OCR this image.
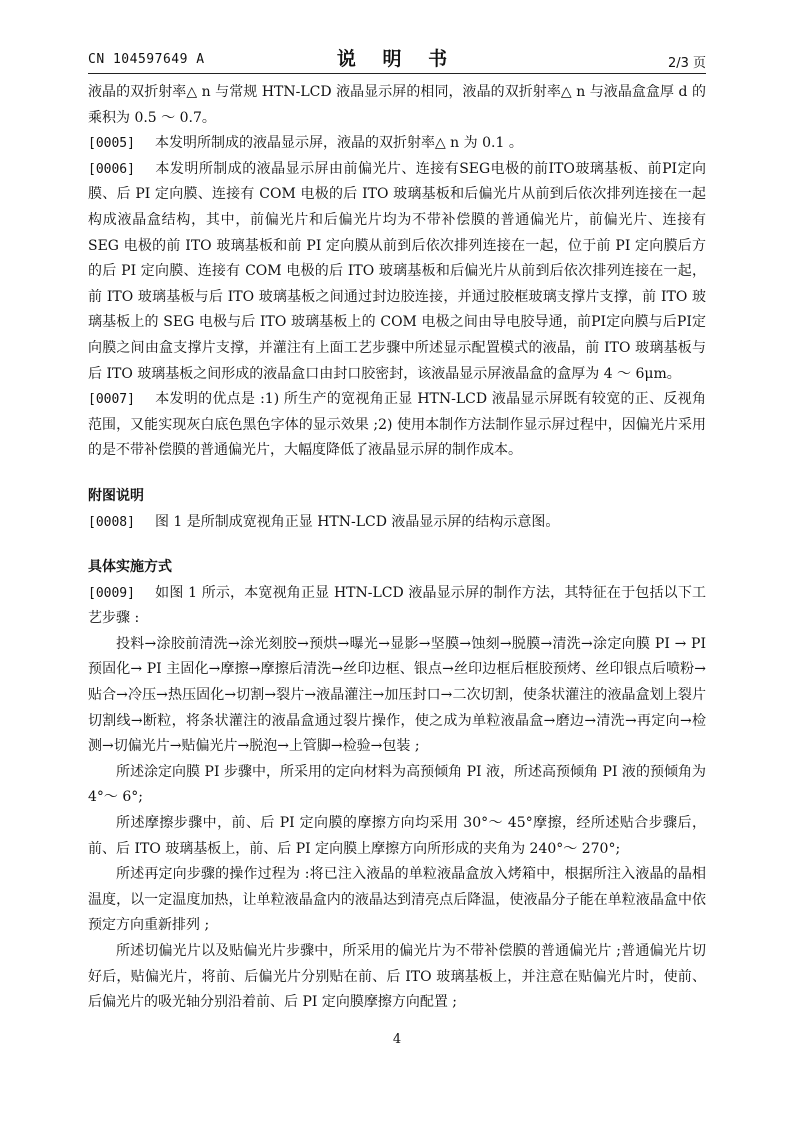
CN 104597649 A	说 明 书	2/3 页

液晶的双折射率△ n 与常规 HTN-LCD 液晶显示屏的相同，液晶的双折射率△ n 与液晶盒盒厚 d 的乘积为 0.5 ～ 0.7。

[0005] 本发明所制成的液晶显示屏，液晶的双折射率△ n 为 0.1 。

[0006] 本发明所制成的液晶显示屏由前偏光片、连接有SEG电极的前ITO玻璃基板、前PI定向膜、后 PI 定向膜、连接有 COM 电极的后 ITO 玻璃基板和后偏光片从前到后依次排列连接在一起构成液晶盒结构，其中，前偏光片和后偏光片均为不带补偿膜的普通偏光片，前偏光片、连接有 SEG 电极的前 ITO 玻璃基板和前 PI 定向膜从前到后依次排列连接在一起，位于前 PI 定向膜后方的后 PI 定向膜、连接有 COM 电极的后 ITO 玻璃基板和后偏光片从前到后依次排列连接在一起，前 ITO 玻璃基板与后 ITO 玻璃基板之间通过封边胶连接，并通过胶框玻璃支撑片支撑，前 ITO 玻璃基板上的 SEG 电极与后 ITO 玻璃基板上的 COM 电极之间由导电胶导通，前PI定向膜与后PI定向膜之间由盒支撑片支撑，并灌注有上面工艺步骤中所述显示配置模式的液晶，前 ITO 玻璃基板与后 ITO 玻璃基板之间形成的液晶盒口由封口胶密封，该液晶显示屏液晶盒的盒厚为 4 ～ 6μm。

[0007] 本发明的优点是 :1) 所生产的宽视角正显 HTN-LCD 液晶显示屏既有较宽的正、反视角范围，又能实现灰白底色黑色字体的显示效果 ;2) 使用本制作方法制作显示屏过程中，因偏光片采用的是不带补偿膜的普通偏光片，大幅度降低了液晶显示屏的制作成本。

附图说明

[0008] 图 1 是所制成宽视角正显 HTN-LCD 液晶显示屏的结构示意图。

具体实施方式

[0009] 如图 1 所示，本宽视角正显 HTN-LCD 液晶显示屏的制作方法，其特征在于包括以下工艺步骤 :

投料→涂胶前清洗→涂光刻胶→预烘→曝光→显影→坚膜→蚀刻→脱膜→清洗→涂定向膜 PI → PI 预固化→ PI 主固化→摩擦→摩擦后清洗→丝印边框、银点→丝印边框后框胶预烤、丝印银点后喷粉→贴合→冷压→热压固化→切割→裂片→液晶灌注→加压封口→二次切割，使条状灌注的液晶盒划上裂片切割线→断粒，将条状灌注的液晶盒通过裂片操作，使之成为单粒液晶盒→磨边→清洗→再定向→检测→切偏光片→贴偏光片→脱泡→上管脚→检验→包装 ;

所述涂定向膜 PI 步骤中，所采用的定向材料为高预倾角 PI 液，所述高预倾角 PI 液的预倾角为 4°～ 6°;

所述摩擦步骤中，前、后 PI 定向膜的摩擦方向均采用 30°～ 45°摩擦，经所述贴合步骤后，前、后 ITO 玻璃基板上，前、后 PI 定向膜上摩擦方向所形成的夹角为 240°～ 270°;

所述再定向步骤的操作过程为 :将已注入液晶的单粒液晶盒放入烤箱中，根据所注入液晶的晶相温度，以一定温度加热，让单粒液晶盒内的液晶达到清亮点后降温，使液晶分子能在单粒液晶盒中依预定方向重新排列 ;

所述切偏光片以及贴偏光片步骤中，所采用的偏光片为不带补偿膜的普通偏光片 ;普通偏光片切好后，贴偏光片，将前、后偏光片分别贴在前、后 ITO 玻璃基板上，并注意在贴偏光片时，使前、后偏光片的吸光轴分别沿着前、后 PI 定向膜摩擦方向配置 ;

4
